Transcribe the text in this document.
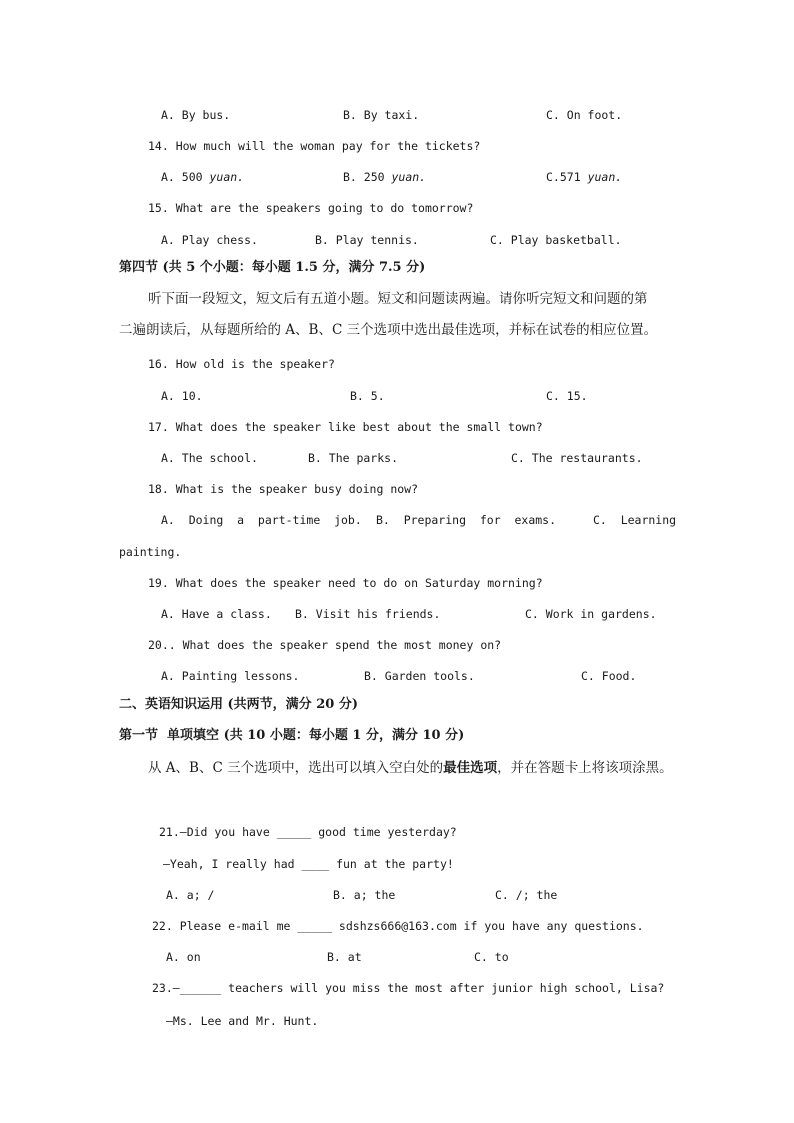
A. By bus.	B. By taxi.	C. On foot.
14. How much will the woman pay for the tickets?
A. 500 yuan.	B. 250 yuan.	C.571 yuan.
15. What are the speakers going to do tomorrow?
A. Play chess.	B. Play tennis.	C. Play basketball.
第四节 (共 5 个小题：每小题 1.5 分，满分 7.5 分)
听下面一段短文，短文后有五道小题。短文和问题读两遍。请你听完短文和问题的第
二遍朗读后，从每题所给的 A、B、C 三个选项中选出最佳选项，并标在试卷的相应位置。
16. How old is the speaker?
A. 10.	B. 5.	C. 15.
17. What does the speaker like best about the small town?
A. The school.	B. The parks.	C. The restaurants.
18. What is the speaker busy doing now?
A.  Doing  a  part-time  job. B.  Preparing  for  exams.	C.  Learning
painting.
19. What does the speaker need to do on Saturday morning?
A. Have a class. B. Visit his friends.	C. Work in gardens.
20.. What does the speaker spend the most money on?
A. Painting lessons.	B. Garden tools.	C. Food.
二、英语知识运用 (共两节，满分 20 分)
第一节  单项填空 (共 10 小题：每小题 1 分，满分 10 分)
从 A、B、C 三个选项中，选出可以填入空白处的最佳选项，并在答题卡上将该项涂黑。
21.—Did you have _____ good time yesterday?
—Yeah, I really had ____ fun at the party!
A. a; /	B. a; the	C. /; the
22. Please e-mail me _____ sdshzs666@163.com if you have any questions.
A. on	B. at	C. to
23.—______ teachers will you miss the most after junior high school, Lisa?
—Ms. Lee and Mr. Hunt.
